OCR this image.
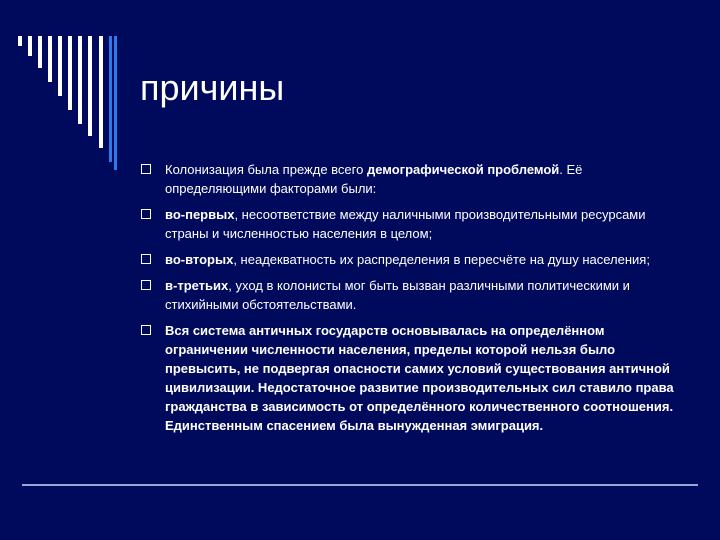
причины
Колонизация была прежде всего демографической проблемой. Её определяющими факторами были:
во-первых, несоответствие между наличными производительными ресурсами страны и численностью населения в целом;
во-вторых, неадекватность их распределения в пересчёте на душу населения;
в-третьих, уход в колонисты мог быть вызван различными политическими и стихийными обстоятельствами.
Вся система античных государств основывалась на определённом ограничении численности населения, пределы которой нельзя было превысить, не подвергая опасности самих условий существования античной цивилизации. Недостаточное развитие производительных сил ставило права гражданства в зависимость от определённого количественного соотношения. Единственным спасением была вынужденная эмиграция.
